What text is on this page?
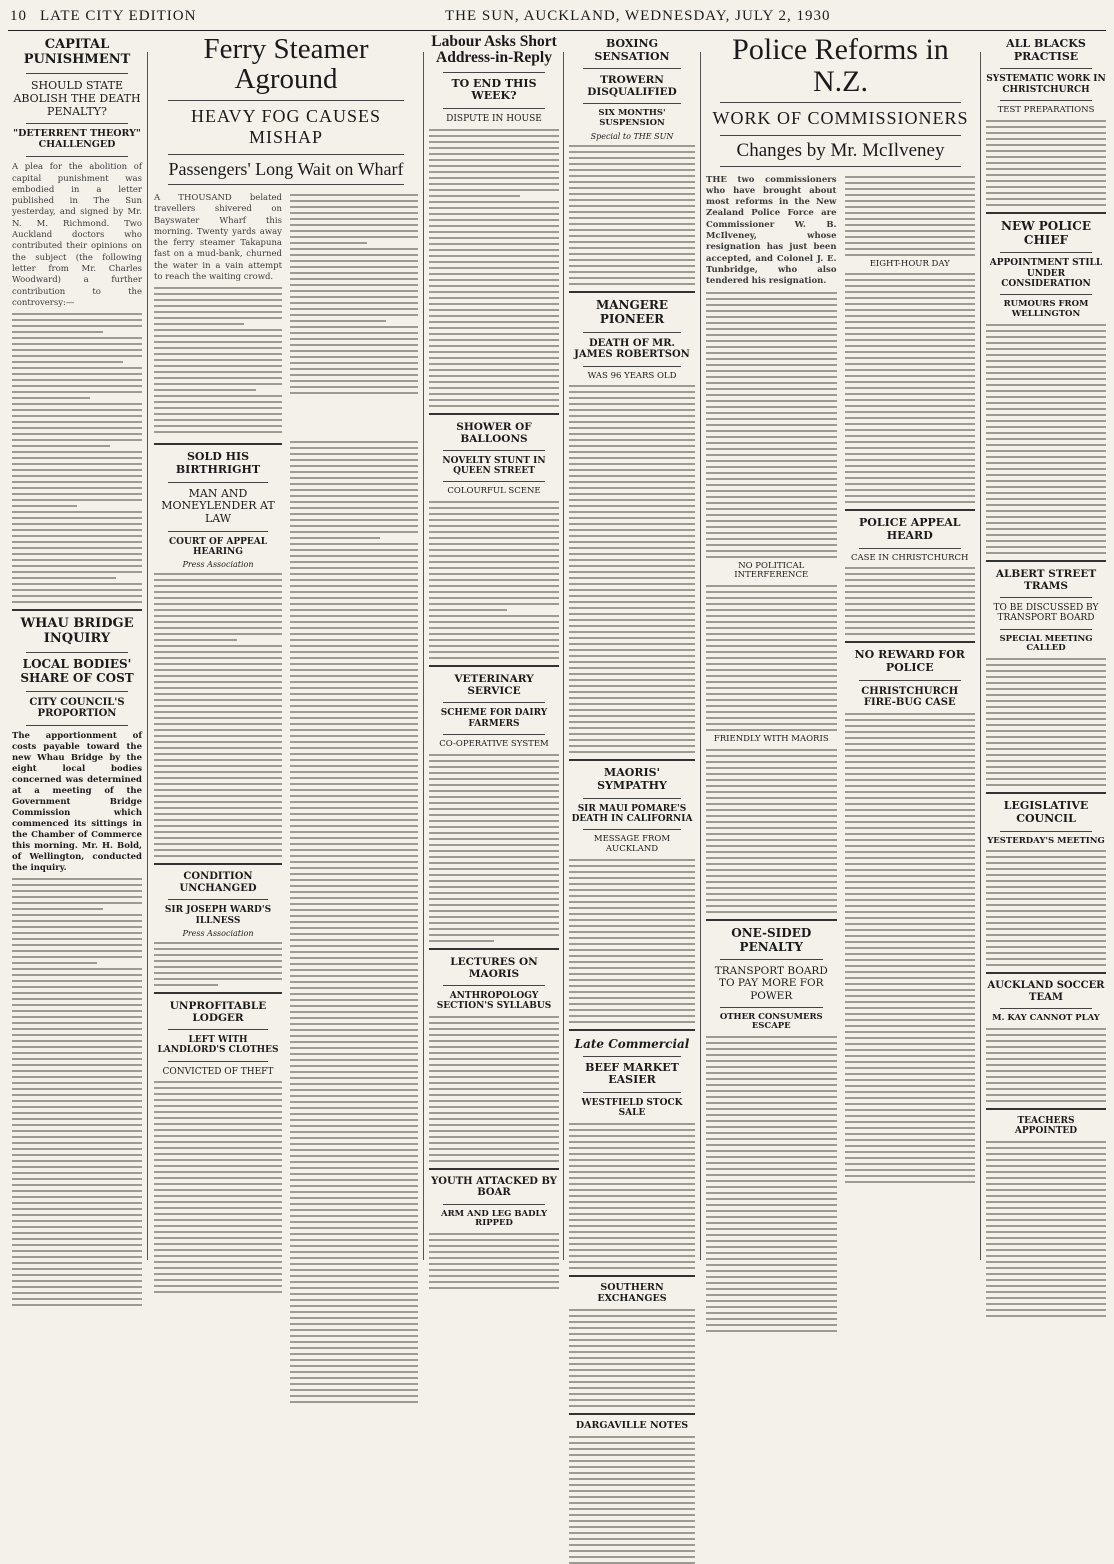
10 LATE CITY EDITION	THE SUN, AUCKLAND, WEDNESDAY, JULY 2, 1930
CAPITAL PUNISHMENT
SHOULD STATE ABOLISH THE DEATH PENALTY?
"DETERRENT THEORY" CHALLENGED
A plea for the abolition of capital punishment was embodied in a letter published in The Sun yesterday, and signed by Mr. N. M. Richmond. Two Auckland doctors who contributed their opinions on the subject (the following letter from Mr. Charles Woodward) a further contribution to the controversy:—
WHAU BRIDGE INQUIRY
LOCAL BODIES' SHARE OF COST
CITY COUNCIL'S PROPORTION
The apportionment of costs payable toward the new Whau Bridge by the eight local bodies concerned was determined at a meeting of the Government Bridge Commission which commenced its sittings in the Chamber of Commerce this morning. Mr. H. Bold, of Wellington, conducted the inquiry.
Ferry Steamer Aground
HEAVY FOG CAUSES MISHAP
Passengers' Long Wait on Wharf
A THOUSAND belated travellers shivered on Bayswater Wharf this morning. Twenty yards away the ferry steamer Takapuna fast on a mud-bank, churned the water in a vain attempt to reach the waiting crowd.
SOLD HIS BIRTHRIGHT
MAN AND MONEYLENDER AT LAW
COURT OF APPEAL HEARING
Press Association
CONDITION UNCHANGED
SIR JOSEPH WARD'S ILLNESS
Press Association
UNPROFITABLE LODGER
LEFT WITH LANDLORD'S CLOTHES
CONVICTED OF THEFT
Labour Asks Short Address-in-Reply
TO END THIS WEEK?
DISPUTE IN HOUSE
SHOWER OF BALLOONS
NOVELTY STUNT IN QUEEN STREET
COLOURFUL SCENE
VETERINARY SERVICE
SCHEME FOR DAIRY FARMERS
CO-OPERATIVE SYSTEM
LECTURES ON MAORIS
ANTHROPOLOGY SECTION'S SYLLABUS
YOUTH ATTACKED BY BOAR
ARM AND LEG BADLY RIPPED
BOXING SENSATION
TROWERN DISQUALIFIED
SIX MONTHS' SUSPENSION
Special to THE SUN
MANGERE PIONEER
DEATH OF MR. JAMES ROBERTSON
WAS 96 YEARS OLD
MAORIS' SYMPATHY
SIR MAUI POMARE'S DEATH IN CALIFORNIA
MESSAGE FROM AUCKLAND
Late Commercial
BEEF MARKET EASIER
WESTFIELD STOCK SALE
SOUTHERN EXCHANGES
DARGAVILLE NOTES
Police Reforms in N.Z.
WORK OF COMMISSIONERS
Changes by Mr. McIlveney
THE two commissioners who have brought about most reforms in the New Zealand Police Force are Commissioner W. B. McIlveney, whose resignation has just been accepted, and Colonel J. E. Tunbridge, who also tendered his resignation.
NO POLITICAL INTERFERENCE
FRIENDLY WITH MAORIS
ONE-SIDED PENALTY
TRANSPORT BOARD TO PAY MORE FOR POWER
OTHER CONSUMERS ESCAPE
EIGHT-HOUR DAY
POLICE APPEAL HEARD
CASE IN CHRISTCHURCH
NO REWARD FOR POLICE
CHRISTCHURCH FIRE-BUG CASE
ALL BLACKS PRACTISE
SYSTEMATIC WORK IN CHRISTCHURCH
TEST PREPARATIONS
NEW POLICE CHIEF
APPOINTMENT STILL UNDER CONSIDERATION
RUMOURS FROM WELLINGTON
ALBERT STREET TRAMS
TO BE DISCUSSED BY TRANSPORT BOARD
SPECIAL MEETING CALLED
LEGISLATIVE COUNCIL
YESTERDAY'S MEETING
AUCKLAND SOCCER TEAM
M. KAY CANNOT PLAY
TEACHERS APPOINTED
